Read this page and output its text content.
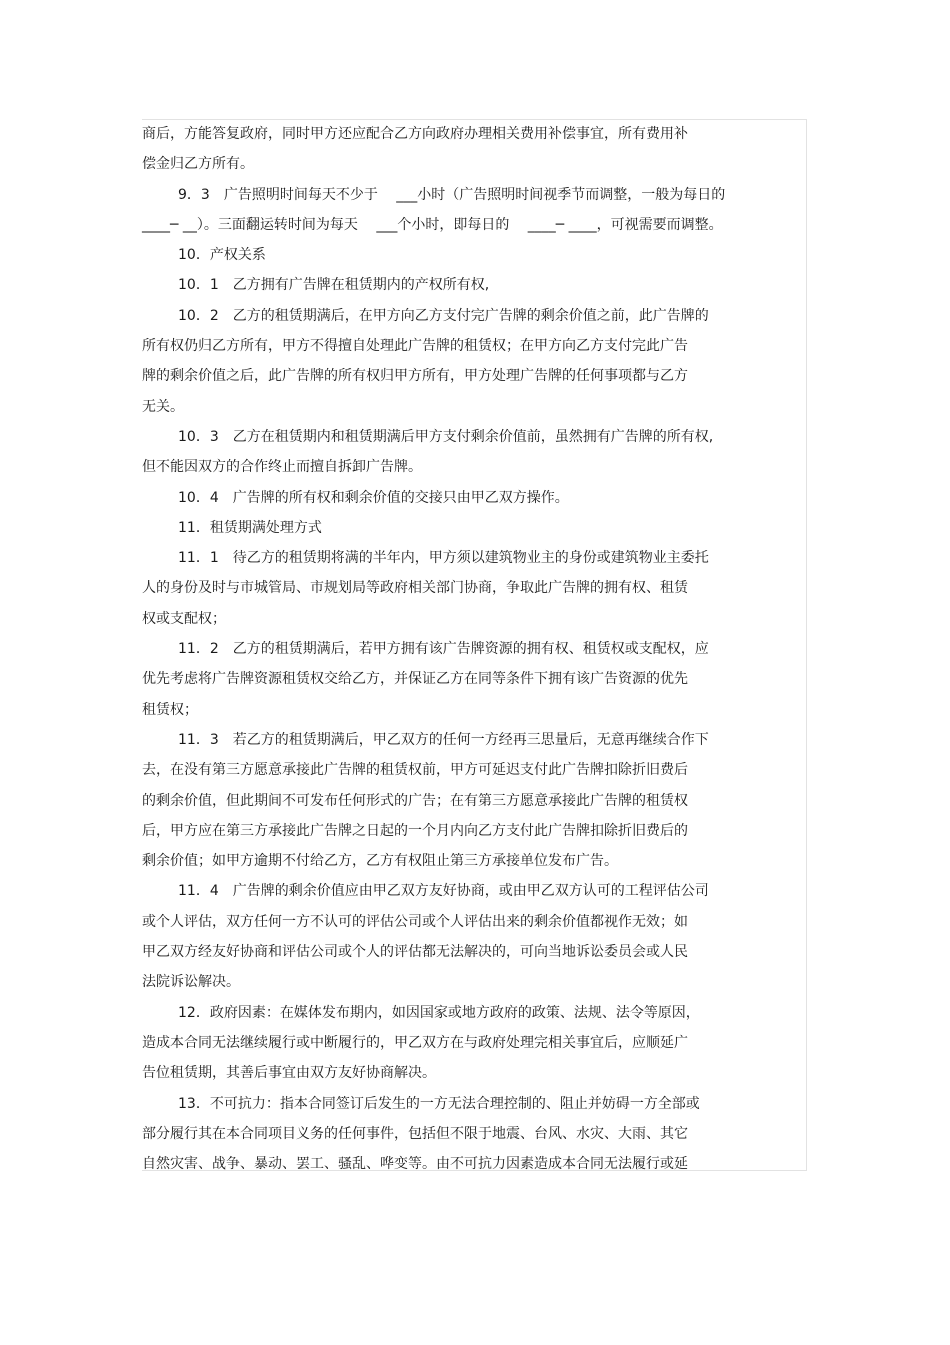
商后，方能答复政府，同时甲方还应配合乙方向政府办理相关费用补偿事宜，所有费用补
偿金归乙方所有。
9．3　广告照明时间每天不少于　 ___小时（广告照明时间视季节而调整，一般为每日的
____─ __）。三面翻运转时间为每天　 ___个小时，即每日的　 ____─ ____，可视需要而调整。
10．产权关系
10．1　乙方拥有广告牌在租赁期内的产权所有权,
10．2　乙方的租赁期满后，在甲方向乙方支付完广告牌的剩余价值之前，此广告牌的
所有权仍归乙方所有，甲方不得擅自处理此广告牌的租赁权；在甲方向乙方支付完此广告
牌的剩余价值之后，此广告牌的所有权归甲方所有，甲方处理广告牌的任何事项都与乙方
无关。
10．3　乙方在租赁期内和租赁期满后甲方支付剩余价值前，虽然拥有广告牌的所有权,
但不能因双方的合作终止而擅自拆卸广告牌。
10．4　广告牌的所有权和剩余价值的交接只由甲乙双方操作。
11．租赁期满处理方式
11．1　待乙方的租赁期将满的半年内，甲方须以建筑物业主的身份或建筑物业主委托
人的身份及时与市城管局、市规划局等政府相关部门协商，争取此广告牌的拥有权、租赁
权或支配权；
11．2　乙方的租赁期满后，若甲方拥有该广告牌资源的拥有权、租赁权或支配权，应
优先考虑将广告牌资源租赁权交给乙方，并保证乙方在同等条件下拥有该广告资源的优先
租赁权；
11．3　若乙方的租赁期满后，甲乙双方的任何一方经再三思量后，无意再继续合作下
去，在没有第三方愿意承接此广告牌的租赁权前，甲方可延迟支付此广告牌扣除折旧费后
的剩余价值，但此期间不可发布任何形式的广告；在有第三方愿意承接此广告牌的租赁权
后，甲方应在第三方承接此广告牌之日起的一个月内向乙方支付此广告牌扣除折旧费后的
剩余价值；如甲方逾期不付给乙方，乙方有权阻止第三方承接单位发布广告。
11．4　广告牌的剩余价值应由甲乙双方友好协商，或由甲乙双方认可的工程评估公司
或个人评估，双方任何一方不认可的评估公司或个人评估出来的剩余价值都视作无效；如
甲乙双方经友好协商和评估公司或个人的评估都无法解决的，可向当地诉讼委员会或人民
法院诉讼解决。
12．政府因素：在媒体发布期内，如因国家或地方政府的政策、法规、法令等原因，
造成本合同无法继续履行或中断履行的，甲乙双方在与政府处理完相关事宜后，应顺延广
告位租赁期，其善后事宜由双方友好协商解决。
13．不可抗力：指本合同签订后发生的一方无法合理控制的、阻止并妨碍一方全部或
部分履行其在本合同项目义务的任何事件，包括但不限于地震、台风、水灾、大雨、其它
自然灾害、战争、暴动、罢工、骚乱、哗变等。由不可抗力因素造成本合同无法履行或延
